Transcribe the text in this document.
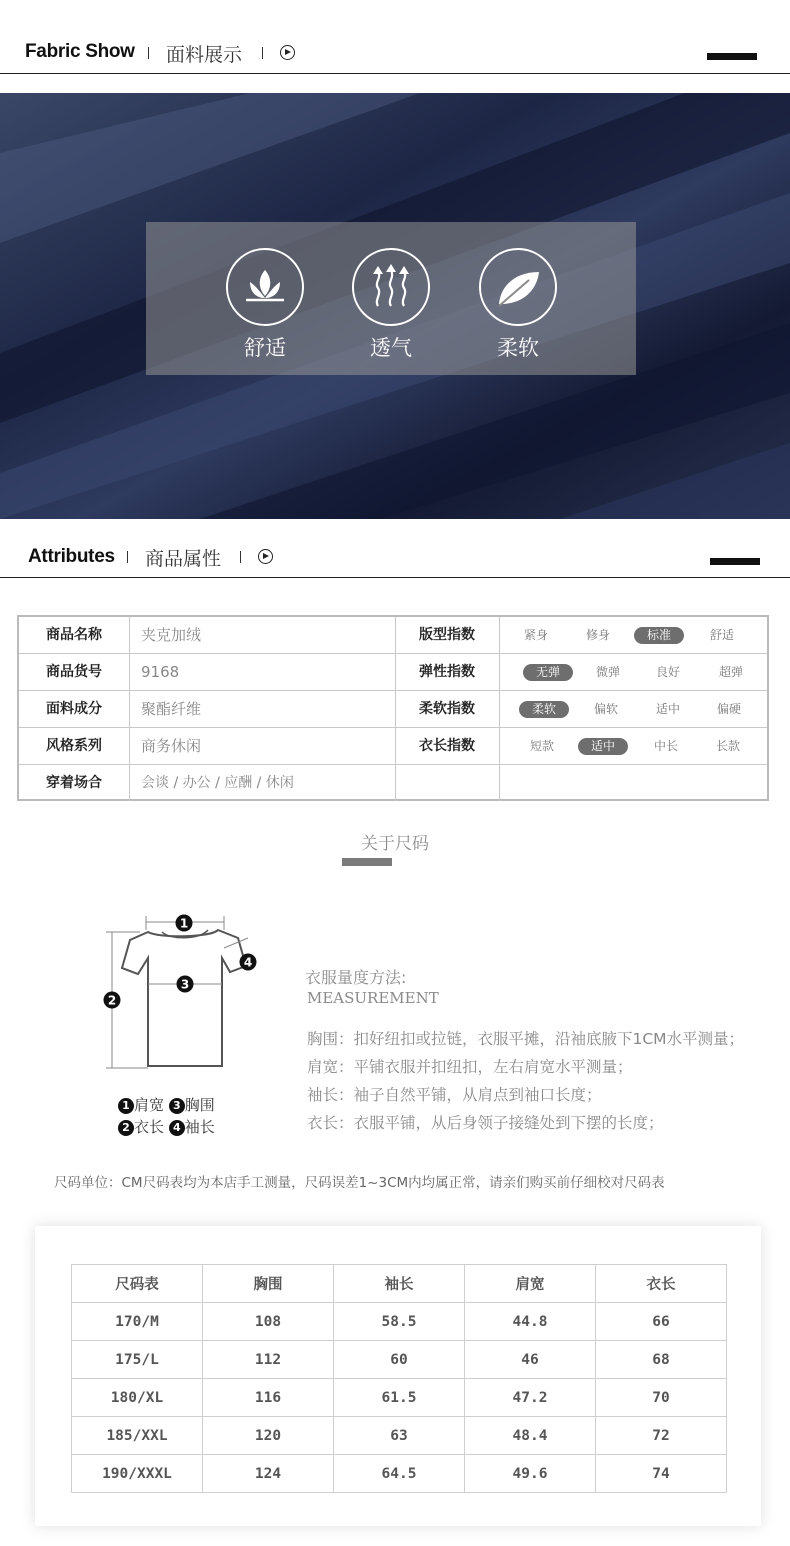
Fabric Show 面料展示
舒适	透气	柔软
Attributes 商品属性
商品名称	夹克加绒	版型指数	紧身	修身	标准	舒适
商品货号	9168	弹性指数	无弹	微弹	良好	超弹
面料成分	聚酯纤维	柔软指数	柔软	偏软	适中	偏硬
风格系列	商务休闲	衣长指数	短款	适中	中长	长款
穿着场合	会谈 / 办公 / 应酬 / 休闲
关于尺码
1
2
3
4
1 肩宽 3 胸围
2 衣长 4 袖长
衣服量度方法:
MEASUREMENT
胸围：扣好纽扣或拉链，衣服平摊，沿袖底腋下1CM水平测量；
肩宽：平铺衣服并扣纽扣，左右肩宽水平测量；
袖长：袖子自然平铺，从肩点到袖口长度；
衣长：衣服平铺，从后身领子接缝处到下摆的长度；
尺码单位：CM尺码表均为本店手工测量，尺码误差1~3CM内均属正常，请亲们购买前仔细校对尺码表
尺码表	胸围	袖长	肩宽	衣长
170/M	108	58.5	44.8	66
175/L	112	60	46	68
180/XL	116	61.5	47.2	70
185/XXL	120	63	48.4	72
190/XXXL	124	64.5	49.6	74
